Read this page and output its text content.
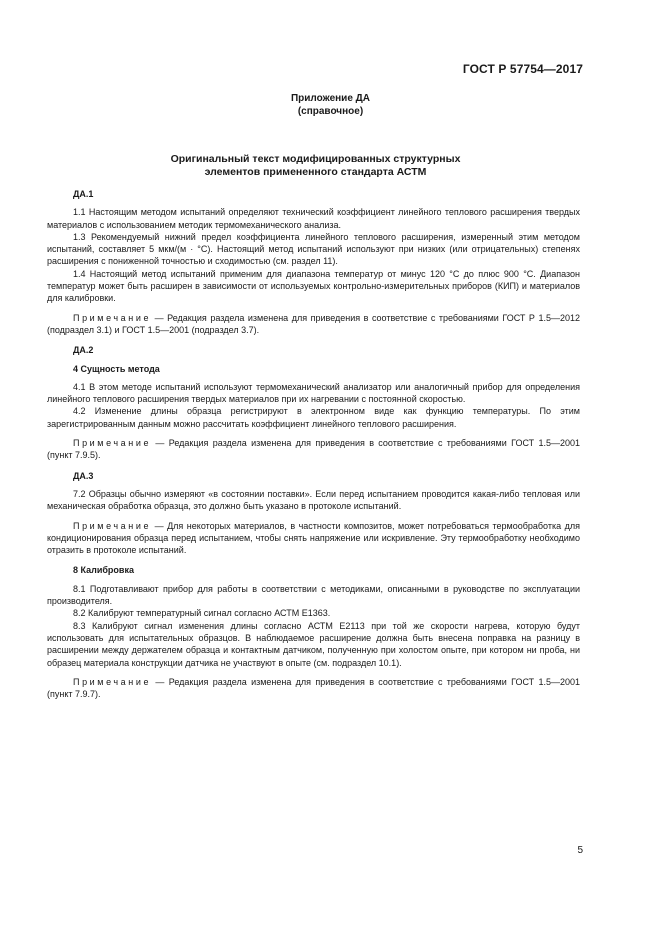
ГОСТ Р 57754—2017
Приложение ДА
(справочное)
Оригинальный текст модифицированных структурных
элементов примененного стандарта АСТМ
ДА.1

1.1 Настоящим методом испытаний определяют технический коэффициент линейного теплового расширения твердых материалов с использованием методик термомеханического анализа.

1.3 Рекомендуемый нижний предел коэффициента линейного теплового расширения, измеренный этим методом испытаний, составляет 5 мкм/(м · °С). Настоящий метод испытаний используют при низких (или отрицательных) степенях расширения с пониженной точностью и сходимостью (см. раздел 11).

1.4 Настоящий метод испытаний применим для диапазона температур от минус 120 °С до плюс 900 °С. Диапазон температур может быть расширен в зависимости от используемых контрольно-измерительных приборов (КИП) и материалов для калибровки.

Примечание — Редакция раздела изменена для приведения в соответствие с требованиями ГОСТ Р 1.5—2012 (подраздел 3.1) и ГОСТ 1.5—2001 (подраздел 3.7).

ДА.2
4 Сущность метода

4.1 В этом методе испытаний используют термомеханический анализатор или аналогичный прибор для определения линейного теплового расширения твердых материалов при их нагревании с постоянной скоростью.

4.2 Изменение длины образца регистрируют в электронном виде как функцию температуры. По этим зарегистрированным данным можно рассчитать коэффициент линейного теплового расширения.

Примечание — Редакция раздела изменена для приведения в соответствие с требованиями ГОСТ 1.5—2001 (пункт 7.9.5).

ДА.3

7.2 Образцы обычно измеряют «в состоянии поставки». Если перед испытанием проводится какая-либо тепловая или механическая обработка образца, это должно быть указано в протоколе испытаний.

Примечание — Для некоторых материалов, в частности композитов, может потребоваться термообработка для кондиционирования образца перед испытанием, чтобы снять напряжение или искривление. Эту термообработку необходимо отразить в протоколе испытаний.

8 Калибровка

8.1 Подготавливают прибор для работы в соответствии с методиками, описанными в руководстве по эксплуатации производителя.

8.2 Калибруют температурный сигнал согласно АСТМ Е1363.

8.3 Калибруют сигнал изменения длины согласно АСТМ Е2113 при той же скорости нагрева, которую будут использовать для испытательных образцов. В наблюдаемое расширение должна быть внесена поправка на разницу в расширении между держателем образца и контактным датчиком, полученную при холостом опыте, при котором ни проба, ни образец материала конструкции датчика не участвуют в опыте (см. подраздел 10.1).

Примечание — Редакция раздела изменена для приведения в соответствие с требованиями ГОСТ 1.5—2001 (пункт 7.9.7).

5
